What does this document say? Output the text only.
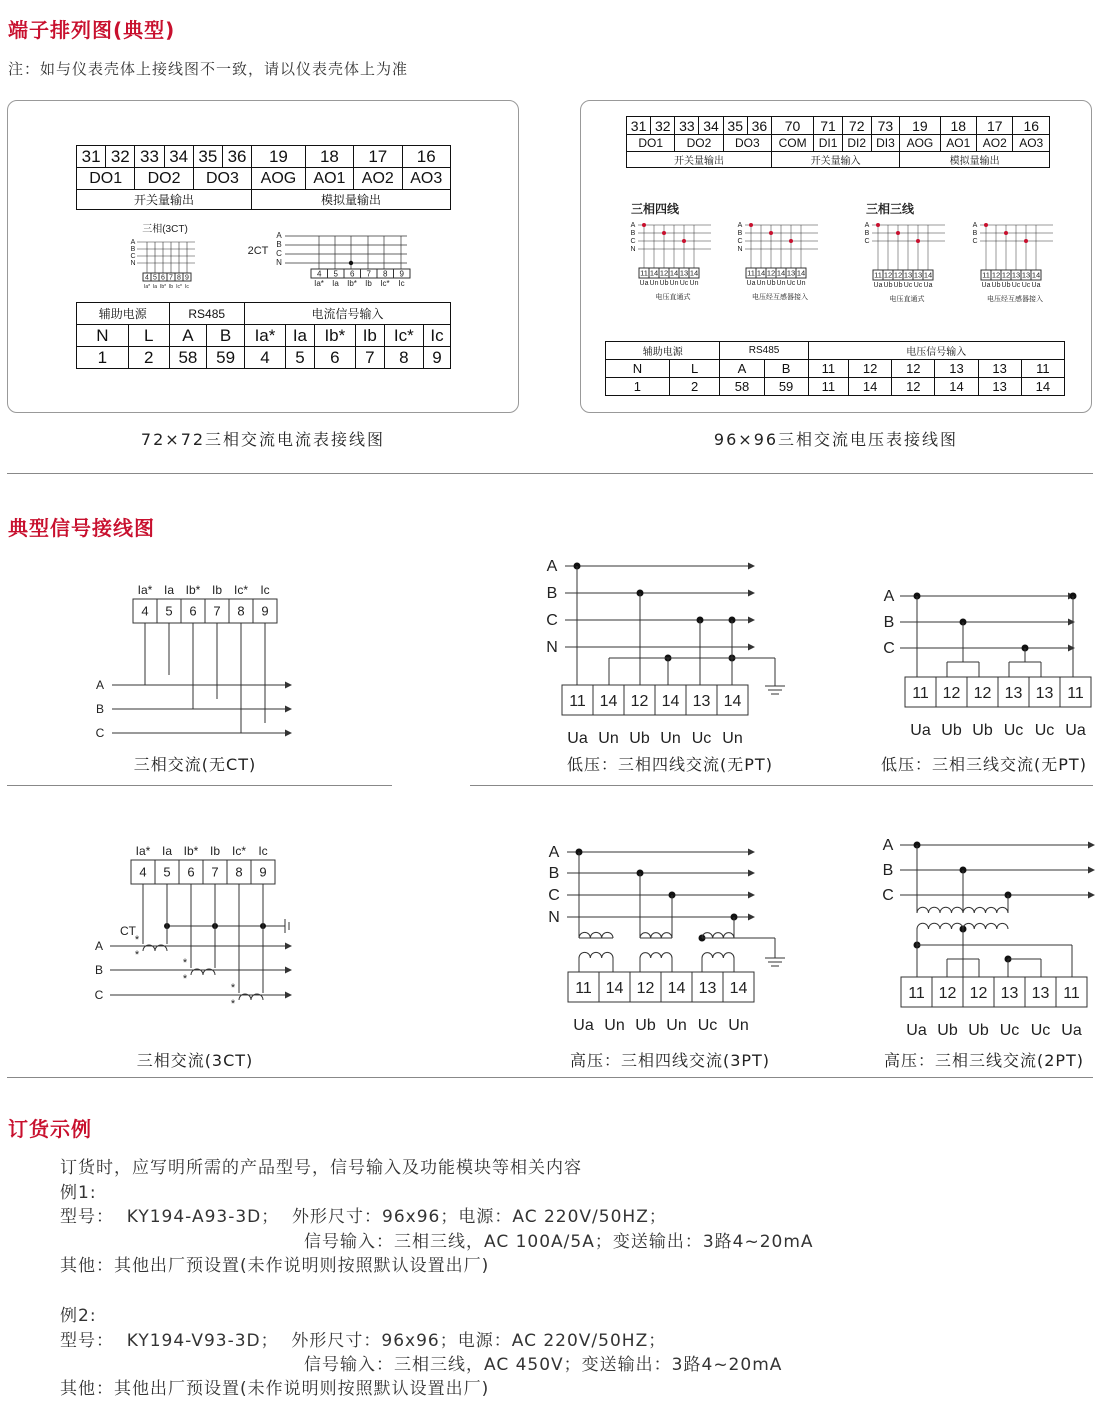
端子排列图(典型)
注：如与仪表壳体上接线图不一致，请以仪表壳体上为准
31	32	33	34	35	36	19	18	17	16
DO1		DO2		DO3		AOG	AO1	AO2	AO3
开关量输出						模拟量输出			
三相(3CT)
A
B
C
N
4 5 6 7 8 9
Ia* Ia Ib* Ib Ic* Ic
2CT
A
B
C
N
4 5 6 7 8 9
Ia* Ia Ib* Ib Ic* Ic
辅助电源		RS485		电流信号输入					
N	L	A	B	Ia*	Ia	Ib*	Ib	Ic*	Ic
1	2	58	59	4	5	6	7	8	9
72×72三相交流电流表接线图
31	32	33	34	35	36	70	71	72	73	19	18	17	16
DO1		DO2		DO3		COM	DI1	DI2	DI3	AOG	AO1	AO2	AO3
开关量输出						开关量输入				模拟量输出			
三相四线	三相三线
A
B
C
N
11 14 12 14 13 14
Ua Un Ub Un Uc Un
电压直通式
A
B
C
N
11 14 12 14 13 14
Ua Un Ub Un Uc Un
电压经互感器接入
A
B
C
11 12 12 13 13 14
Ua Ub Ub Uc Uc Ua
电压直通式
A
B
C
11 12 12 13 13 14
Ua Ub Ub Uc Uc Ua
电压经互感器接入
辅助电源		RS485		电压信号输入					
N	L	A	B	11	12	12	13	13	11
1	2	58	59	11	14	12	14	13	14
96×96三相交流电压表接线图
典型信号接线图
Ia* Ia Ib* Ib Ic* Ic
4 5 6 7 8 9
A
B
C
三相交流(无CT)
A
B
C
N
11 14 12 14 13 14
Ua Un Ub Un Uc Un
低压：三相四线交流(无PT)
A
B
C
11 12 12 13 13 11
Ua Ub Ub Uc Uc Ua
低压：三相三线交流(无PT)
Ia* Ia Ib* Ib Ic* Ic
4 5 6 7 8 9
CT
A
B
C
*
*
*
*
*
*
三相交流(3CT)
A
B
C
N
11 14 12 14 13 14
Ua Un Ub Un Uc Un
高压：三相四线交流(3PT)
A
B
C
11 12 12 13 13 11
Ua Ub Ub Uc Uc Ua
高压：三相三线交流(2PT)
订货示例
订货时，应写明所需的产品型号，信号输入及功能模块等相关内容
例1:
型号：  KY194-A93-3D；  外形尺寸：96x96；电源：AC 220V/50HZ；
信号输入：三相三线，AC 100A/5A；变送输出：3路4~20mA
其他：其他出厂预设置(未作说明则按照默认设置出厂)
例2:
型号：  KY194-V93-3D；  外形尺寸：96x96；电源：AC 220V/50HZ；
信号输入：三相三线，AC 450V；变送输出：3路4~20mA
其他：其他出厂预设置(未作说明则按照默认设置出厂)
